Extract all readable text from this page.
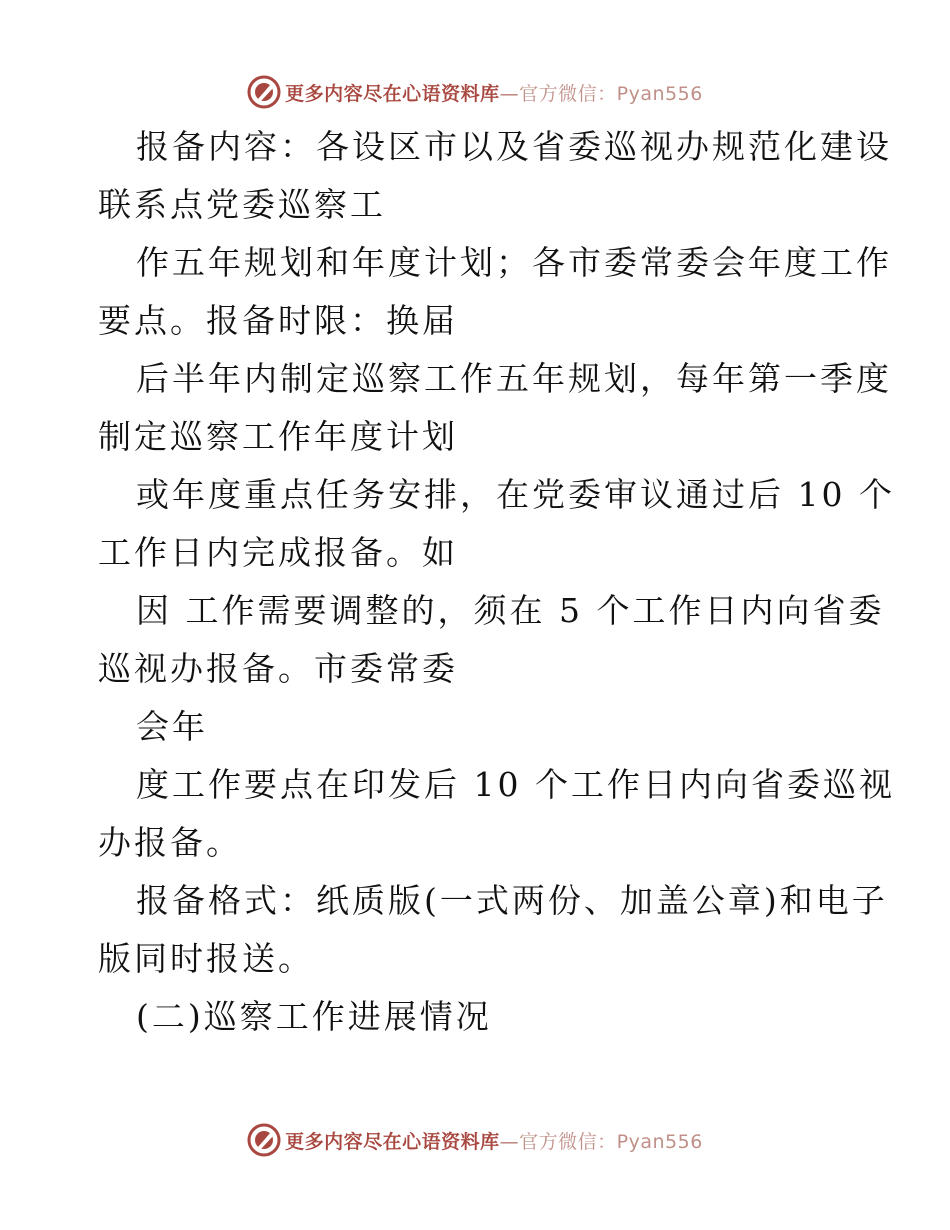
更多内容尽在心语资料库—官方微信：Pyan556
报备内容：各设区市以及省委巡视办规范化建设
联系点党委巡察工
作五年规划和年度计划；各市委常委会年度工作
要点。报备时限：换届
后半年内制定巡察工作五年规划，每年第一季度
制定巡察工作年度计划
或年度重点任务安排，在党委审议通过后 10 个
工作日内完成报备。如
因 工作需要调整的，须在 5 个工作日内向省委
巡视办报备。市委常委
会年
度工作要点在印发后 10 个工作日内向省委巡视
办报备。
报备格式：纸质版(一式两份、加盖公章)和电子
版同时报送。
(二)巡察工作进展情况
更多内容尽在心语资料库—官方微信：Pyan556
